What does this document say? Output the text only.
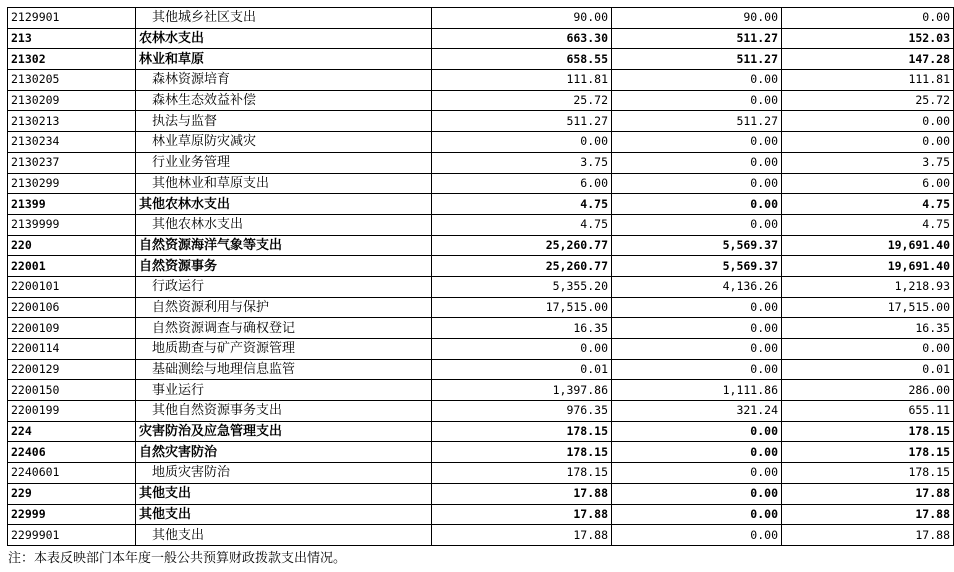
2129901	其他城乡社区支出	90.00	90.00	0.00
213	农林水支出	663.30	511.27	152.03
21302	林业和草原	658.55	511.27	147.28
2130205	森林资源培育	111.81	0.00	111.81
2130209	森林生态效益补偿	25.72	0.00	25.72
2130213	执法与监督	511.27	511.27	0.00
2130234	林业草原防灾减灾	0.00	0.00	0.00
2130237	行业业务管理	3.75	0.00	3.75
2130299	其他林业和草原支出	6.00	0.00	6.00
21399	其他农林水支出	4.75	0.00	4.75
2139999	其他农林水支出	4.75	0.00	4.75
220	自然资源海洋气象等支出	25,260.77	5,569.37	19,691.40
22001	自然资源事务	25,260.77	5,569.37	19,691.40
2200101	行政运行	5,355.20	4,136.26	1,218.93
2200106	自然资源利用与保护	17,515.00	0.00	17,515.00
2200109	自然资源调查与确权登记	16.35	0.00	16.35
2200114	地质勘查与矿产资源管理	0.00	0.00	0.00
2200129	基础测绘与地理信息监管	0.01	0.00	0.01
2200150	事业运行	1,397.86	1,111.86	286.00
2200199	其他自然资源事务支出	976.35	321.24	655.11
224	灾害防治及应急管理支出	178.15	0.00	178.15
22406	自然灾害防治	178.15	0.00	178.15
2240601	地质灾害防治	178.15	0.00	178.15
229	其他支出	17.88	0.00	17.88
22999	其他支出	17.88	0.00	17.88
2299901	其他支出	17.88	0.00	17.88
注：本表反映部门本年度一般公共预算财政拨款支出情况。
